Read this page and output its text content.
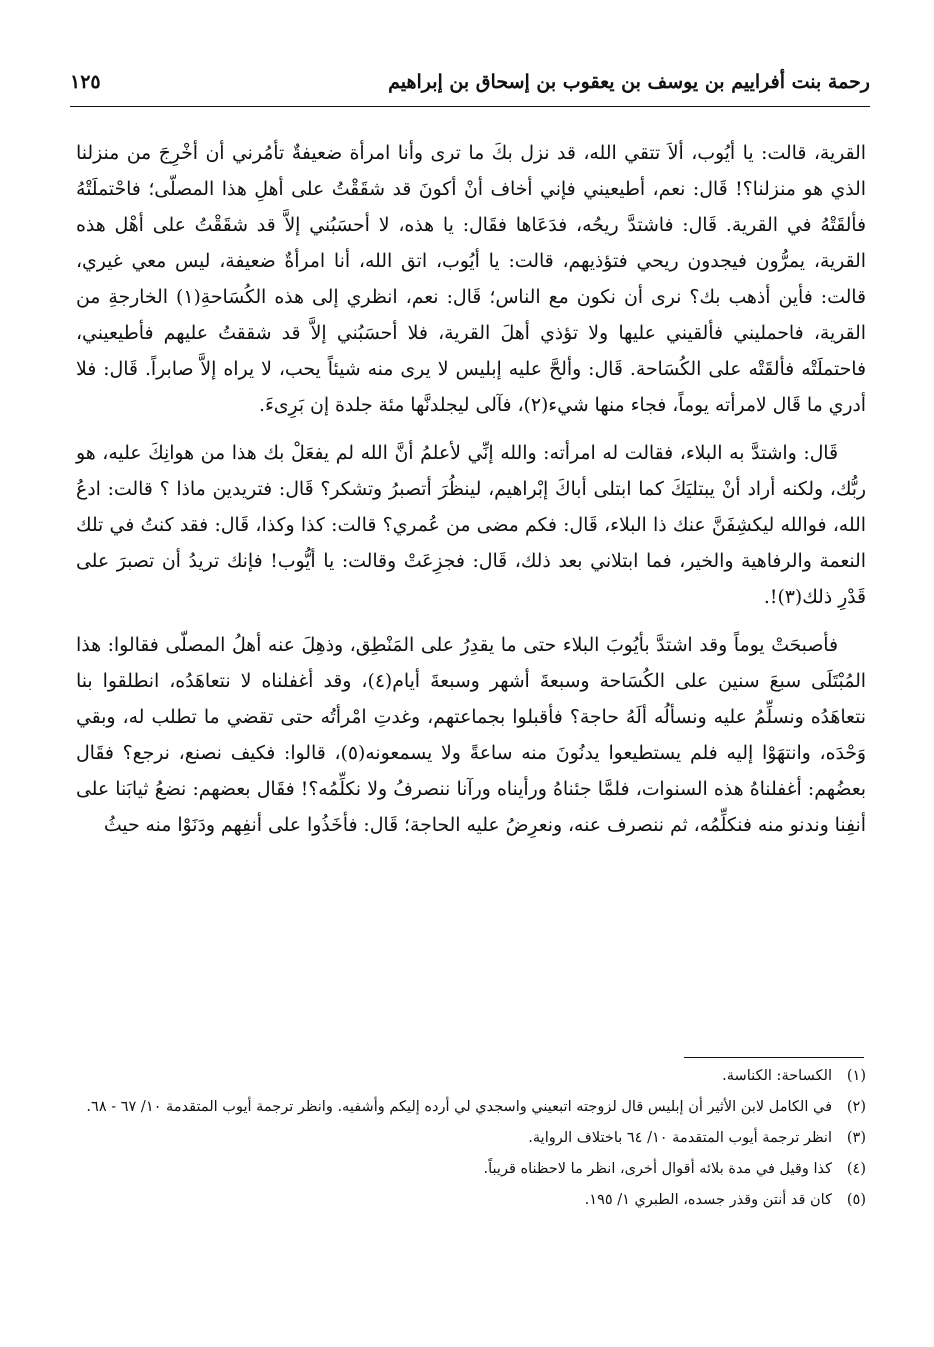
رحمة بنت أفراييم بن يوسف بن يعقوب بن إسحاق بن إبراهيم
١٢٥

القرية، قالت: يا أيُوب، ألاَ تتقي الله، قد نزل بكَ ما ترى وأنا امرأة ضعيفةٌ تأمُرني أن أخْرِجَ من منزلنا الذي هو منزلنا؟! قَال: نعم، أطيعيني فإني أخاف أنْ أكونَ قد شقَقْتُ على أهلِ هذا المصلّى؛ فاحْتملَتْهُ فألقَتْهُ في القرية. قَال: فاشتدَّ ريحُه، فدَعَاها فقَال: يا هذه، لا أحسَبُني إلاَّ قد شقَقْتُ على أهْل هذه القرية، يمرُّون فيجدون ريحي فتؤذيهم، قالت: يا أيُوب، اتق الله، أنا امرأةٌ ضعيفة، ليس معي غيري، قالت: فأين أذهب بك؟ نرى أن نكون مع الناس؛ قَال: نعم، انظري إلى هذه الكُسَاحةِ(١) الخارجةِ من القرية، فاحمليني فألقيني عليها ولا تؤذي أهلَ القرية، فلا أحسَبُني إلاَّ قد شققتُ عليهم فأطيعيني، فاحتملَتْه فألقَتْه على الكُسَاحة. قَال: وألحَّ عليه إبليس لا يرى منه شيئاً يحب، لا يراه إلاَّ صابراً. قَال: فلا أدري ما قَال لامرأته يوماً، فجاء منها شيء(٢)، فآلى ليجلدنَّها مئة جلدة إن بَرِىءَ.

قَال: واشتدَّ به البلاء، فقالت له امرأته: والله إنِّي لأعلمُ أنَّ الله لم يفعَلْ بك هذا من هوانِكَ عليه، هو ربُّك، ولكنه أراد أنْ يبتليَكَ كما ابتلى أباكَ إبْراهيم، لينظُرَ أتصبرُ وتشكر؟ قَال: فتريدين ماذا ؟ قالت: ادعُ الله، فوالله ليكشِفَنَّ عنك ذا البلاء، قَال: فكم مضى من عُمري؟ قالت: كذا وكذا، قَال: فقد كنتُ في تلك النعمة والرفاهية والخير، فما ابتلاني بعد ذلك، قَال: فجزِعَتْ وقالت: يا أيُّوب! فإنك تريدُ أن تصبرَ على قَدْرِ ذلك(٣)!.

فأصبحَتْ يوماً وقد اشتدَّ بأيُوبَ البلاء حتى ما يقدِرُ على المَنْطِق، وذهِلَ عنه أهلُ المصلّى فقالوا: هذا المُبْتَلَى سبعَ سنين على الكُسَاحة وسبعةَ أشهر وسبعةَ أيام(٤)، وقد أغفلناه لا نتعاهَدُه، انطلقوا بنا نتعاهَدُه ونسلِّمُ عليه ونسألُه ألَهُ حاجة؟ فأقبلوا بجماعتهم، وغدتِ امْرأتُه حتى تقضي ما تطلب له، وبقي وَحْدَه، وانتهَوْا إليه فلم يستطيعوا يدنُونَ منه ساعةً ولا يسمعونه(٥)، قالوا: فكيف نصنع، نرجع؟ فقَال بعضُهم: أغفلناهُ هذه السنوات، فلمَّا جئناهُ ورأيناه ورآنا ننصرفُ ولا نكلِّمُه؟! فقَال بعضهم: نضعُ ثيابَنا على أنفِنا وندنو منه فنكلِّمُه، ثم ننصرف عنه، ونعرِضُ عليه الحاجة؛ قَال: فأخَذُوا على أنفِهم ودَنَوْا منه حيثُ

(١)
الكساحة: الكناسة.
(٢)
في الكامل لابن الأثير أن إبليس قال لزوجته اتبعيني واسجدي لي أرده إليكم وأشفيه. وانظر ترجمة أيوب المتقدمة ١٠/ ٦٧ - ٦٨.
(٣)
انظر ترجمة أيوب المتقدمة ١٠/ ٦٤ باختلاف الرواية.
(٤)
كذا وقيل في مدة بلائه أقوال أخرى، انظر ما لاحظناه قريباً.
(٥)
كان قد أنتن وقذر جسده، الطبري ١/ ١٩٥.
